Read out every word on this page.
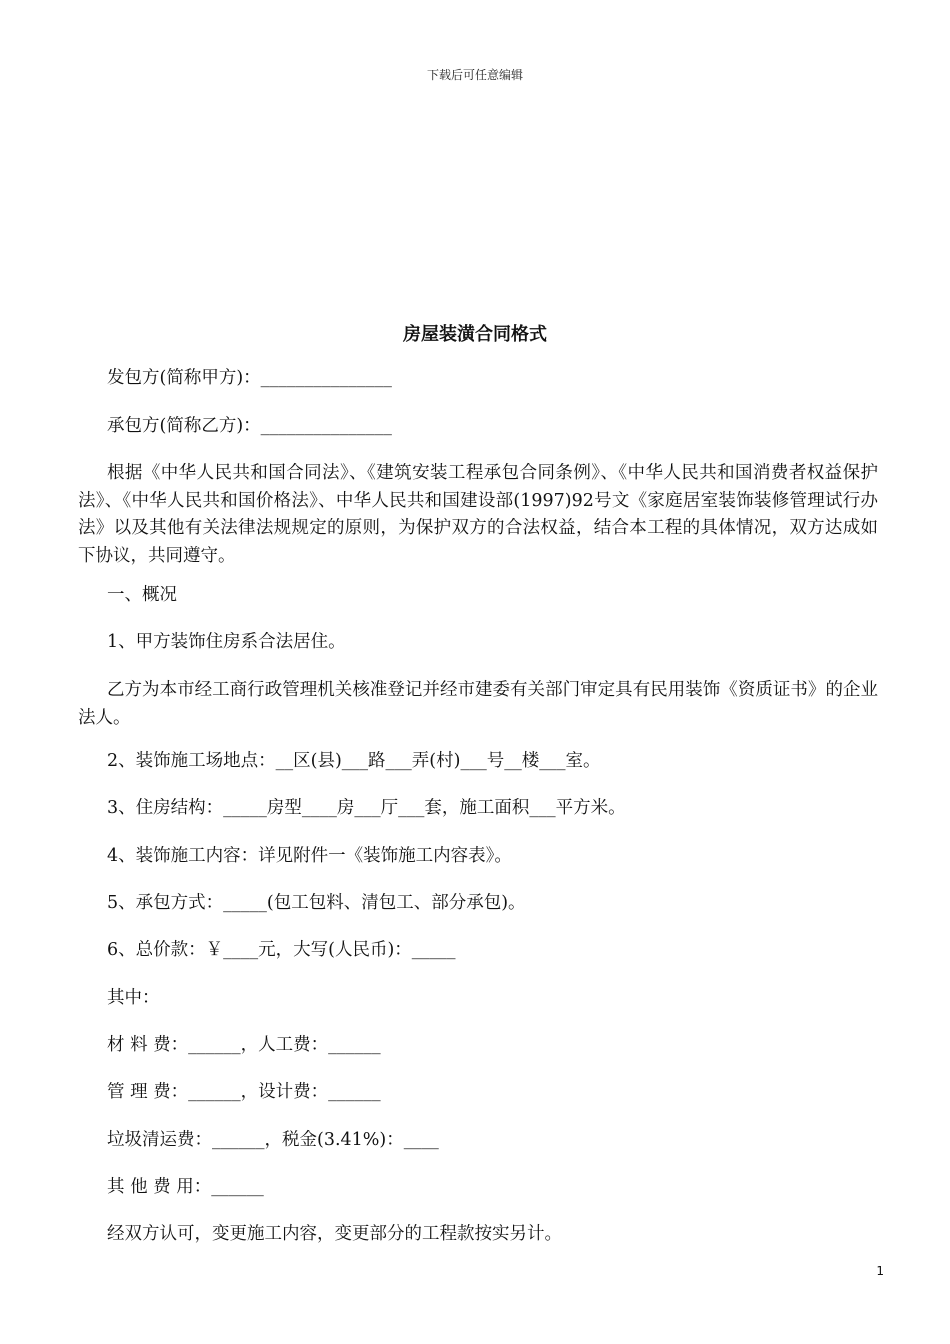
下载后可任意编辑
房屋装潢合同格式
发包方(简称甲方)：_______________
承包方(简称乙方)：_______________
根据《中华人民共和国合同法》、《建筑安装工程承包合同条例》、《中华人民共和国消费者权益保护法》、《中华人民共和国价格法》、中华人民共和国建设部(1997)92号文《家庭居室装饰装修管理试行办法》以及其他有关法律法规规定的原则，为保护双方的合法权益，结合本工程的具体情况，双方达成如下协议，共同遵守。
一、概况
1、甲方装饰住房系合法居住。
乙方为本市经工商行政管理机关核准登记并经市建委有关部门审定具有民用装饰《资质证书》的企业法人。
2、装饰施工场地点：__区(县)___路___弄(村)___号__楼___室。
3、住房结构：_____房型____房___厅___套，施工面积___平方米。
4、装饰施工内容：详见附件一《装饰施工内容表》。
5、承包方式：_____(包工包料、清包工、部分承包)。
6、总价款：￥____元，大写(人民币)：_____
其中：
材 料 费：______，人工费：______
管 理 费：______，设计费：______
垃圾清运费：______，税金(3.41%)：____
其 他 费 用：______
经双方认可，变更施工内容，变更部分的工程款按实另计。
1
